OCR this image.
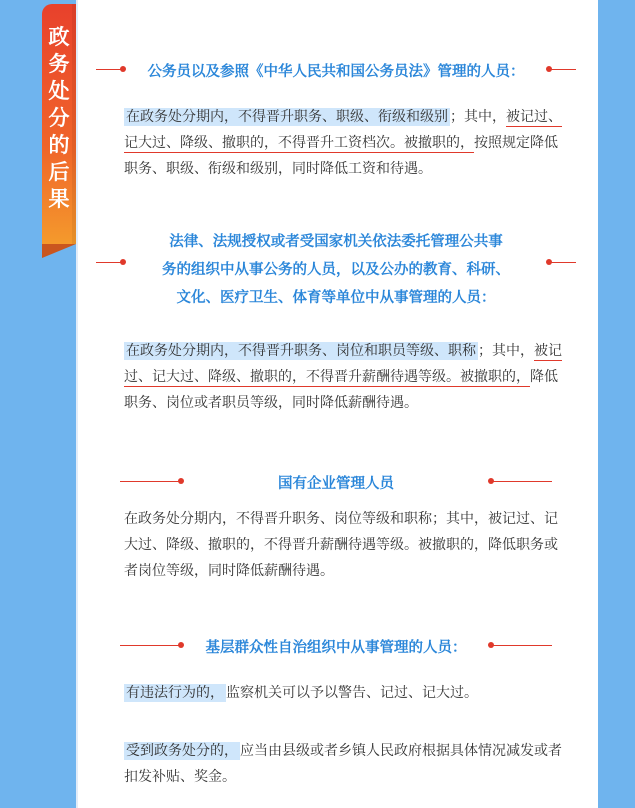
政务处分的后果
公务员以及参照《中华人民共和国公务员法》管理的人员：
在政务处分期内，不得晋升职务、职级、衔级和级别 ；其中，被记过、记大过、降级、撤职的，不得晋升工资档次。被撤职的，按照规定降低职务、职级、衔级和级别，同时降低工资和待遇。
法律、法规授权或者受国家机关依法委托管理公共事
务的组织中从事公务的人员，以及公办的教育、科研、
文化、医疗卫生、体育等单位中从事管理的人员：
在政务处分期内，不得晋升职务、岗位和职员等级、职称 ；其中，被记过、记大过、降级、撤职的，不得晋升薪酬待遇等级。被撤职的，降低职务、岗位或者职员等级，同时降低薪酬待遇。
国有企业管理人员
在政务处分期内，不得晋升职务、岗位等级和职称；其中，被记过、记大过、降级、撤职的，不得晋升薪酬待遇等级。被撤职的，降低职务或者岗位等级，同时降低薪酬待遇。
基层群众性自治组织中从事管理的人员：
有违法行为的， 监察机关可以予以警告、记过、记大过。
受到政务处分的， 应当由县级或者乡镇人民政府根据具体情况减发或者扣发补贴、奖金。
